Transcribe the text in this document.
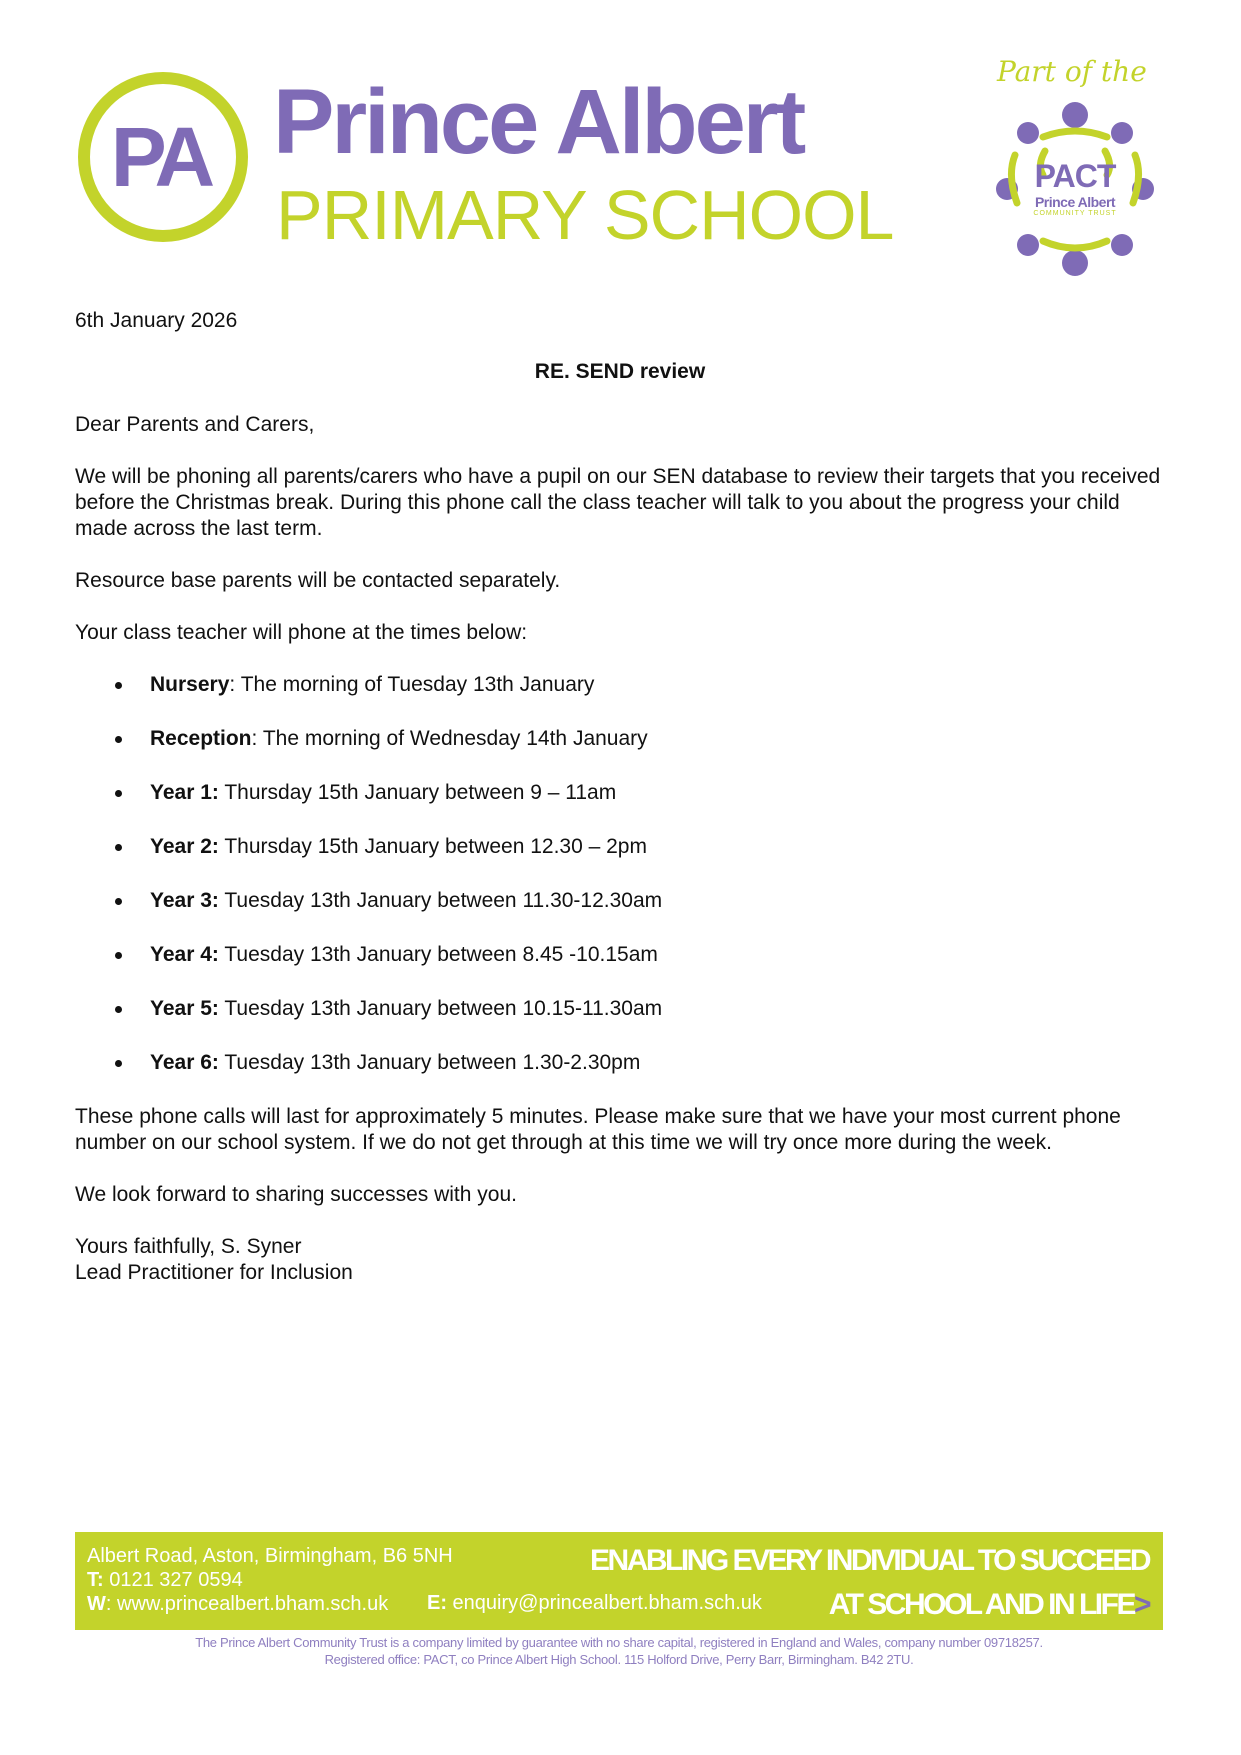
PA Prince Albert
PRIMARY SCHOOL
Part of the
PACT
Prince Albert
COMMUNITY TRUST

6th January 2026

RE. SEND review

Dear Parents and Carers,

We will be phoning all parents/carers who have a pupil on our SEN database to review their targets that you received before the Christmas break. During this phone call the class teacher will talk to you about the progress your child made across the last term.

Resource base parents will be contacted separately.

Your class teacher will phone at the times below:

Nursery: The morning of Tuesday 13th January
Reception: The morning of Wednesday 14th January
Year 1: Thursday 15th January between 9 – 11am
Year 2: Thursday 15th January between 12.30 – 2pm
Year 3: Tuesday 13th January between 11.30-12.30am
Year 4: Tuesday 13th January between 8.45 -10.15am
Year 5: Tuesday 13th January between 10.15-11.30am
Year 6: Tuesday 13th January between 1.30-2.30pm

These phone calls will last for approximately 5 minutes. Please make sure that we have your most current phone number on our school system. If we do not get through at this time we will try once more during the week.

We look forward to sharing successes with you.

Yours faithfully, S. Syner

Lead Practitioner for Inclusion

Albert Road, Aston, Birmingham, B6 5NH
T: 0121 327 0594
W: www.princealbert.bham.sch.uk	E: enquiry@princealbert.bham.sch.uk
ENABLING EVERY INDIVIDUAL TO SUCCEED
AT SCHOOL AND IN LIFE>
The Prince Albert Community Trust is a company limited by guarantee with no share capital, registered in England and Wales, company number 09718257.
Registered office: PACT, co Prince Albert High School. 115 Holford Drive, Perry Barr, Birmingham. B42 2TU.
